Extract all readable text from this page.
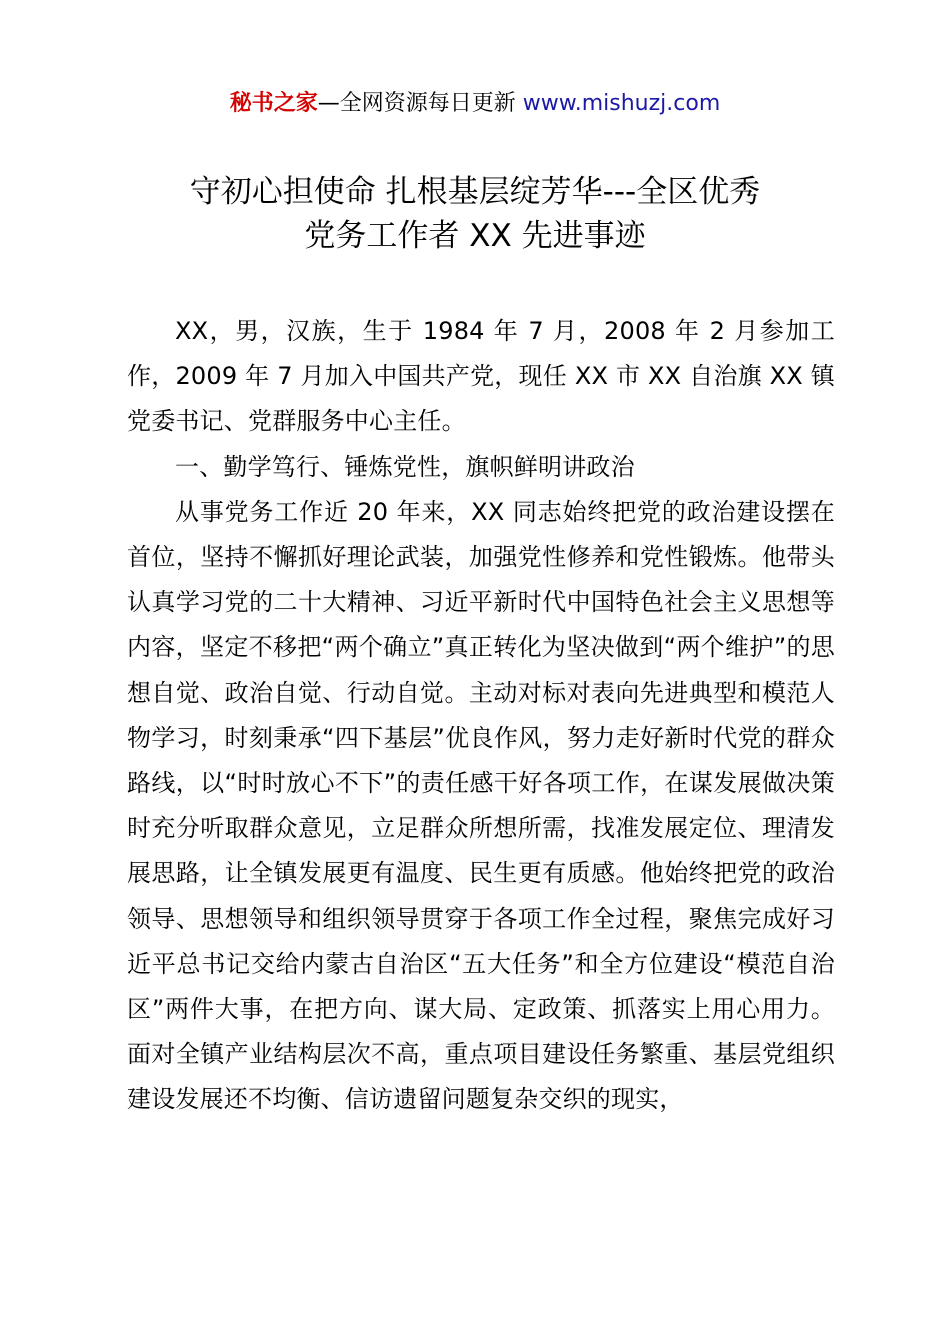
秘书之家—全网资源每日更新 www.mishuzj.com
守初心担使命 扎根基层绽芳华---全区优秀
党务工作者 XX 先进事迹

XX，男，汉族，生于 1984 年 7 月，2008 年 2 月参加工作，2009 年 7 月加入中国共产党，现任 XX 市 XX 自治旗 XX 镇党委书记、党群服务中心主任。

一、勤学笃行、锤炼党性，旗帜鲜明讲政治

从事党务工作近 20 年来，XX 同志始终把党的政治建设摆在首位，坚持不懈抓好理论武装，加强党性修养和党性锻炼。他带头认真学习党的二十大精神、习近平新时代中国特色社会主义思想等内容，坚定不移把“两个确立”真正转化为坚决做到“两个维护”的思想自觉、政治自觉、行动自觉。主动对标对表向先进典型和模范人物学习，时刻秉承“四下基层”优良作风，努力走好新时代党的群众路线，以“时时放心不下”的责任感干好各项工作，在谋发展做决策时充分听取群众意见，立足群众所想所需，找准发展定位、理清发展思路，让全镇发展更有温度、民生更有质感。他始终把党的政治领导、思想领导和组织领导贯穿于各项工作全过程，聚焦完成好习近平总书记交给内蒙古自治区“五大任务”和全方位建设“模范自治区”两件大事，在把方向、谋大局、定政策、抓落实上用心用力。面对全镇产业结构层次不高，重点项目建设任务繁重、基层党组织建设发展还不均衡、信访遗留问题复杂交织的现实，
